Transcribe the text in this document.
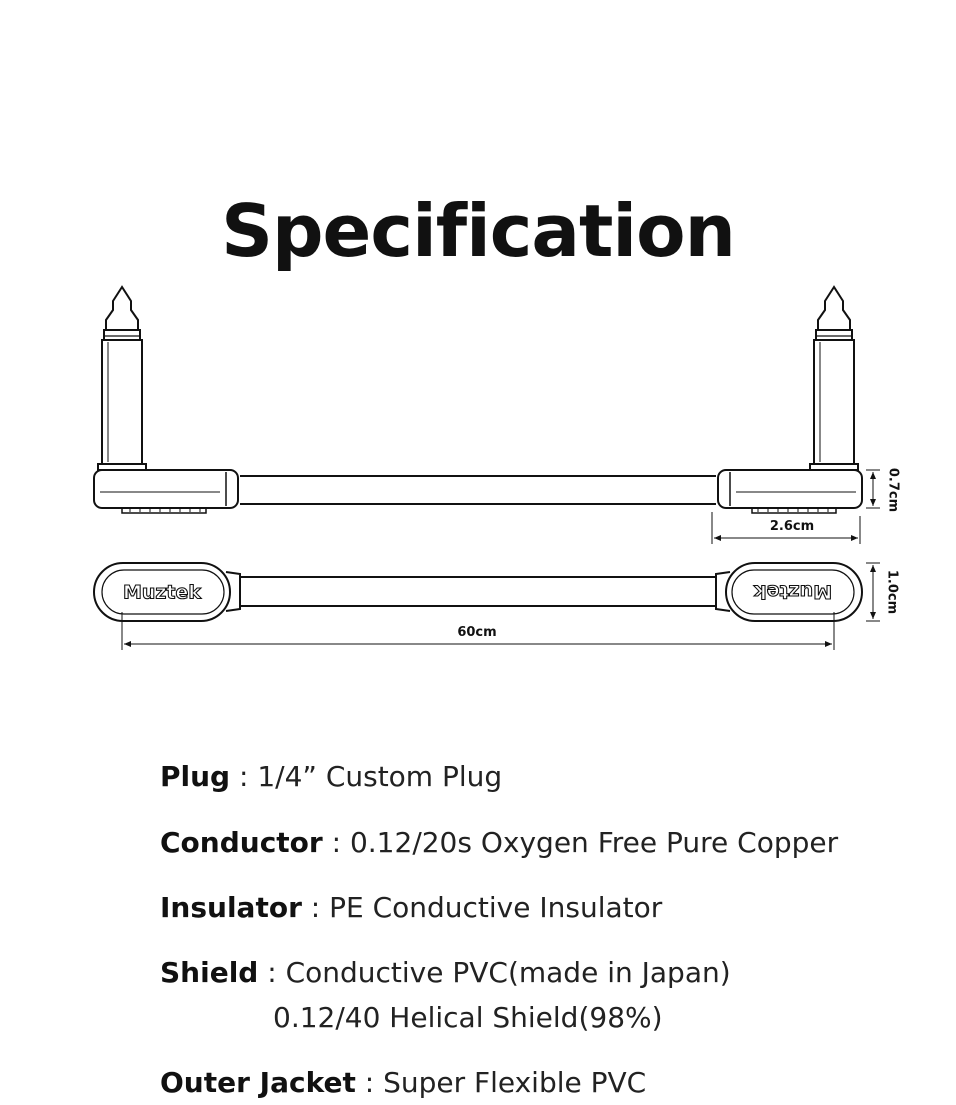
Specification
0.7cm
2.6cm
Muztek	Muztek	1.0cm
60cm
Plug : 1/4” Custom Plug
Conductor : 0.12/20s Oxygen Free Pure Copper
Insulator : PE Conductive Insulator
Shield : Conductive PVC(made in Japan)
0.12/40 Helical Shield(98%)
Outer Jacket : Super Flexible PVC
